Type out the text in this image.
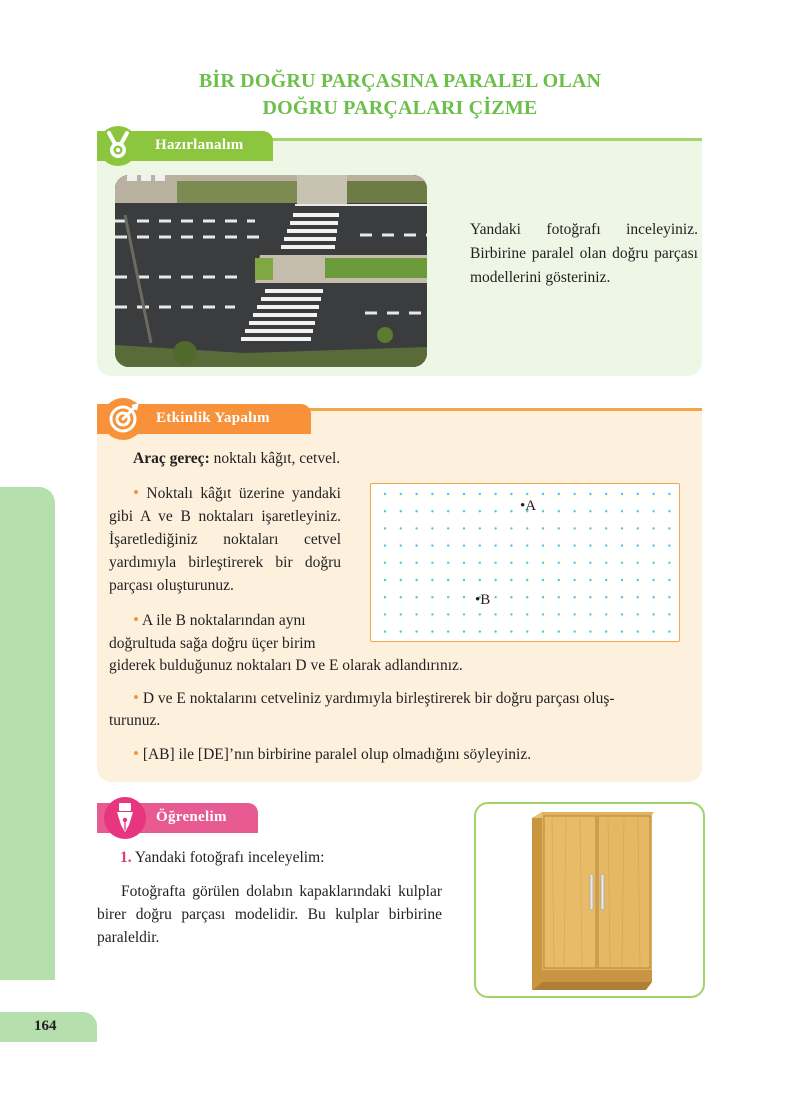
BİR DOĞRU PARÇASINA PARALEL OLAN
DOĞRU PARÇALARI ÇİZME
164
Hazırlanalım
Yandaki fotoğrafı inceleyiniz. Birbirine paralel olan doğru parçası modellerini gösteriniz.
Etkinlik Yapalım
Araç gereç: noktalı kâğıt, cetvel.
• Noktalı kâğıt üzerine yandaki gibi A ve B noktaları işaretleyiniz. İşaretlediğiniz noktaları cetvel yardımıyla birleştirerek bir doğru parçası oluşturunuz.
• A ile B noktalarından aynı doğrultuda sağa doğru üçer birim
giderek bulduğunuz noktaları D ve E olarak adlandırınız.
• D ve E noktalarını cetveliniz yardımıyla birleştirerek bir doğru parçası oluş-
turunuz.
• [AB] ile [DE]’nın birbirine paralel olup olmadığını söyleyiniz.
•A
•B
Öğrenelim
1. Yandaki fotoğrafı inceleyelim:
Fotoğrafta görülen dolabın kapaklarındaki kulplar birer doğru parçası modelidir. Bu kulplar birbirine paraleldir.
